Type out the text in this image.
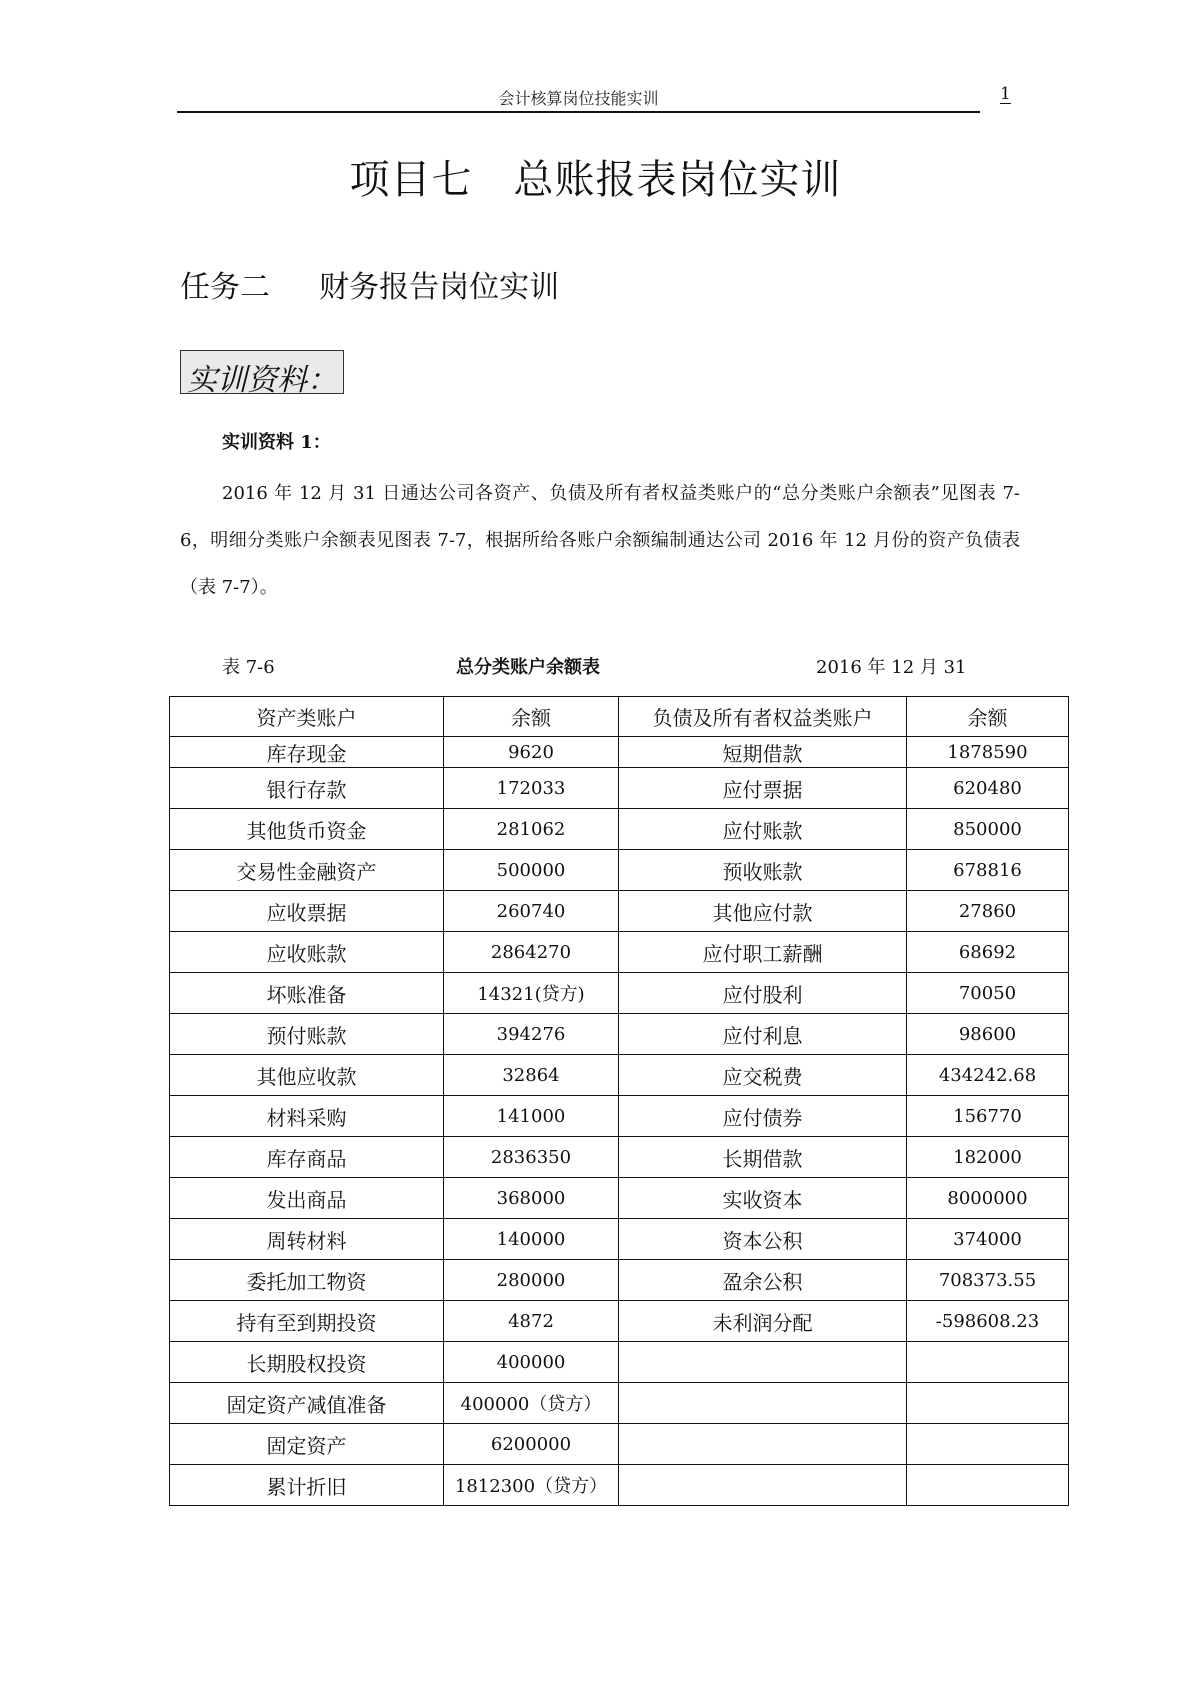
会计核算岗位技能实训	1
项目七　总账报表岗位实训
任务二　  财务报告岗位实训
实训资料：
实训资料 1：
2016 年 12 月 31 日通达公司各资产、负债及所有者权益类账户的“总分类账户余额表”见图表 7-6，明细分类账户余额表见图表 7-7，根据所给各账户余额编制通达公司 2016 年 12 月份的资产负债表（表 7-7）。
表 7-6	总分类账户余额表	2016 年 12 月 31
资产类账户	余额	负债及所有者权益类账户	余额
库存现金	9620	短期借款	1878590
银行存款	172033	应付票据	620480
其他货币资金	281062	应付账款	850000
交易性金融资产	500000	预收账款	678816
应收票据	260740	其他应付款	27860
应收账款	2864270	应付职工薪酬	68692
坏账准备	14321(贷方)	应付股利	70050
预付账款	394276	应付利息	98600
其他应收款	32864	应交税费	434242.68
材料采购	141000	应付债券	156770
库存商品	2836350	长期借款	182000
发出商品	368000	实收资本	8000000
周转材料	140000	资本公积	374000
委托加工物资	280000	盈余公积	708373.55
持有至到期投资	4872	未利润分配	-598608.23
长期股权投资	400000		
固定资产减值准备	400000（贷方）		
固定资产	6200000		
累计折旧	1812300（贷方）		
